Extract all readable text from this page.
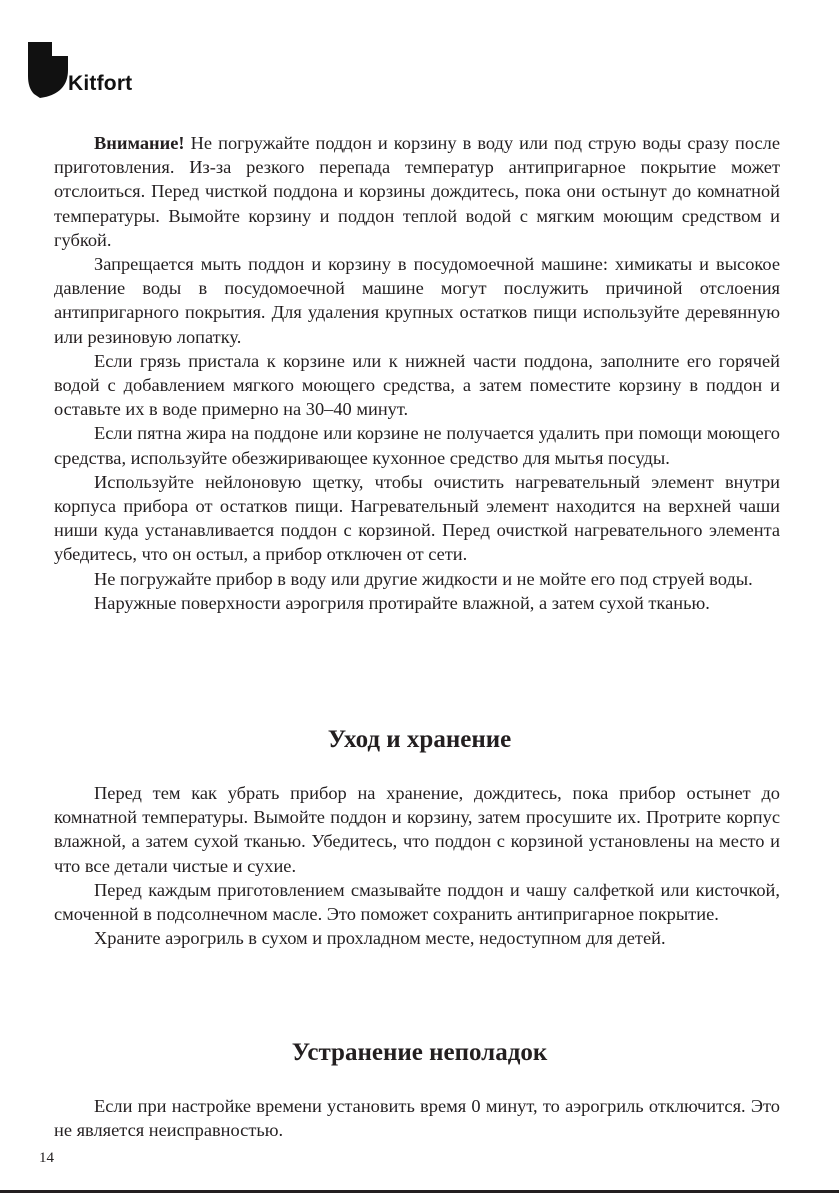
Kitfort

Внимание! Не погружайте поддон и корзину в воду или под струю воды сразу после приготовления. Из-за резкого перепада температур антипригарное покрытие может отслоиться. Перед чисткой поддона и корзины дождитесь, пока они остынут до комнатной температуры. Вымойте корзину и поддон теплой водой с мягким моющим средством и губкой.

Запрещается мыть поддон и корзину в посудомоечной машине: химикаты и высокое давление воды в посудомоечной машине могут послужить причиной отслоения антипригарного покрытия. Для удаления крупных остатков пищи используйте деревянную или резиновую лопатку.

Если грязь пристала к корзине или к нижней части поддона, заполните его горячей водой с добавлением мягкого моющего средства, а затем поместите корзину в поддон и оставьте их в воде примерно на 30–40 минут.

Если пятна жира на поддоне или корзине не получается удалить при помощи моющего средства, используйте обезжиривающее кухонное средство для мытья посуды.

Используйте нейлоновую щетку, чтобы очистить нагревательный элемент внутри корпуса прибора от остатков пищи. Нагревательный элемент находится на верхней чаши ниши куда устанавливается поддон с корзиной. Перед очисткой нагревательного элемента убедитесь, что он остыл, а прибор отключен от сети.

Не погружайте прибор в воду или другие жидкости и не мойте его под струей воды.

Наружные поверхности аэрогриля протирайте влажной, а затем сухой тканью.

Уход и хранение

Перед тем как убрать прибор на хранение, дождитесь, пока прибор остынет до комнатной температуры. Вымойте поддон и корзину, затем просушите их. Протрите корпус влажной, а затем сухой тканью. Убедитесь, что поддон с корзиной установлены на место и что все детали чистые и сухие.

Перед каждым приготовлением смазывайте поддон и чашу салфеткой или кисточкой, смоченной в подсолнечном масле. Это поможет сохранить антипригарное покрытие.

Храните аэрогриль в сухом и прохладном месте, недоступном для детей.

Устранение неполадок

Если при настройке времени установить время 0 минут, то аэрогриль отключится. Это не является неисправностью.

14
